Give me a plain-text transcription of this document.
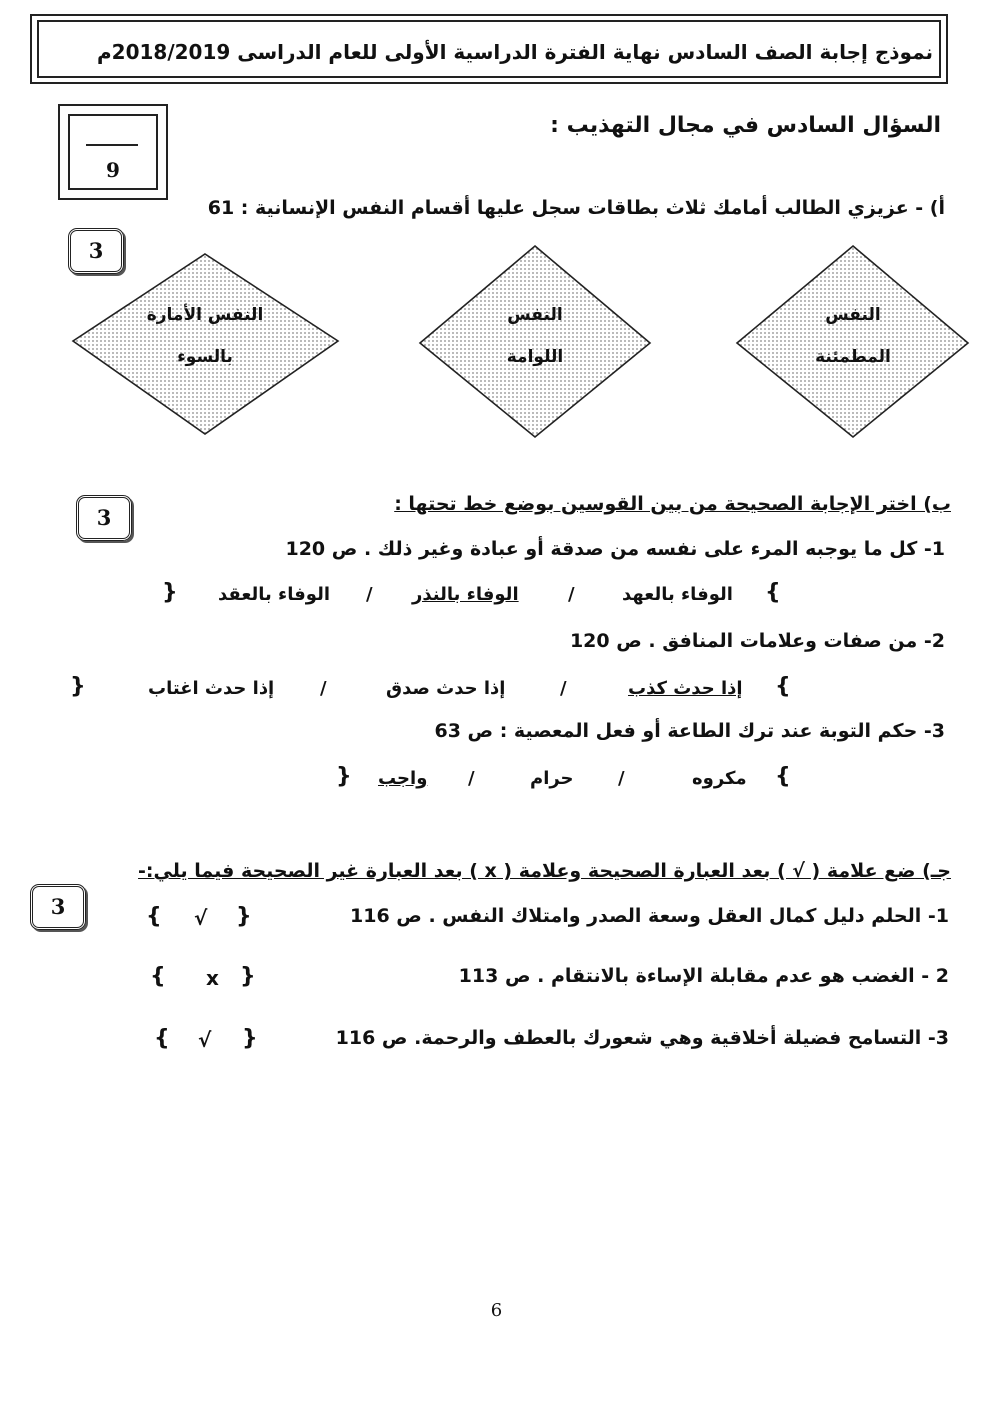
نموذج إجابة الصف السادس نهاية الفترة الدراسية الأولى للعام الدراسى 2018/2019م
9
السؤال السادس في مجال التهذيب :
أ) - عزيزي الطالب أمامك ثلاث بطاقات سجل عليها أقسام النفس الإنسانية : 61
3
النفس
المطمئنة
النفس
اللوامة
النفس الأمارة
بالسوء
ب) اختر الإجابة الصحيحة من بين القوسين بوضع خط تحتها :
3
1- كل ما يوجبه المرء على نفسه من صدقة أو عبادة وغير ذلك . ص 120
{
الوفاء بالعهد
/
الوفاء بالنذر
/
الوفاء بالعقد
}
2- من صفات وعلامات المنافق . ص 120
{
إذا حدث كذب
/
إذا حدث صدق
/
إذا حدث اغتاب
}
3- حكم التوبة عند ترك الطاعة أو فعل المعصية : ص 63
{
مكروه
/
حرام
/
واجب
}
جـ) ضع علامة ( √ ) بعد العبارة الصحيحة وعلامة ( x ) بعد العبارة غير الصحيحة فيما يلي:-
3	1- الحلم دليل كمال العقل وسعة الصدر وامتلاك النفس . ص 116
{ √ }
2 - الغضب هو عدم مقابلة الإساءة بالانتقام . ص 113
{ x }
3- التسامح فضيلة أخلاقية وهي شعورك بالعطف والرحمة. ص 116
{ √ }
6
